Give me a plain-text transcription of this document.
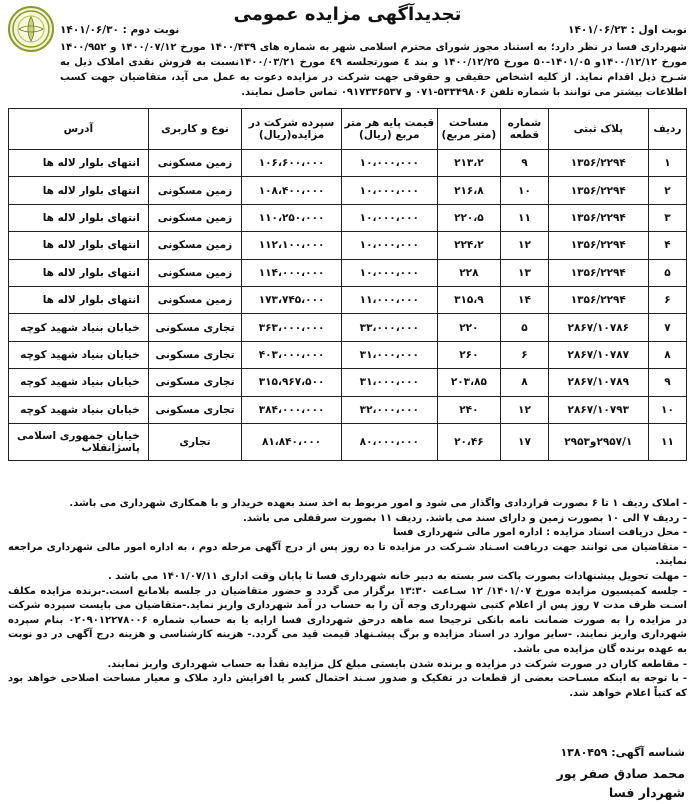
تجدیدآگهی مزایده عمومی
نوبت اول : ۱۴۰۱/۰۶/۲۳
نوبت دوم : ۱۴۰۱/۰۶/۳۰
شهرداری فسا در نظر دارد؛ به استناد مجوز شورای محترم اسلامی شهر به شماره های ۱۴۰۰/۴۳۹ مورخ ۱۴۰۰/۰۷/۱۲ و ۱۴۰۰/۹۵۲ مورخ ۱۴۰۰/۱۲/۱۲و ۱۴۰۱/۰۵-۵۰ مورخ ۱۴۰۰/۱۲/۲۵ و بند ٤ صورتجلسه ٤٩ مورخ ۱۴۰۰/۰۳/۲۱نسبت به فروش نقدی املاک ذیل به شـرح ذیل اقدام نماید. از کلیه اشخاص حقیقی و حقوقی جهت شرکت در مزایده دعوت به عمل می آید، متقاضیان جهت کسب اطلاعات بیشتر می توانند با شماره تلفن ۵۳۳۴۹۸۰۶-۰۷۱ و ۰۹۱۷۳۳۶۵۳۷ تماس حاصل نمایند.
ردیف	پلاک ثبتی	شماره قطعه	مساحت (متر مربع)	قیمت پایه هر متر مربع (ریال)	سپرده شرکت در مزایده(ریال)	نوع و کاربری	آدرس
۱	۱۳۵۶/۲۲۹۴	۹	۲۱۳،۲	۱۰،۰۰۰،۰۰۰	۱۰۶،۶۰۰،۰۰۰	زمین مسکونی	انتهای بلوار لاله ها
۲	۱۳۵۶/۲۲۹۴	۱۰	۲۱۶،۸	۱۰،۰۰۰،۰۰۰	۱۰۸،۴۰۰،۰۰۰	زمین مسکونی	انتهای بلوار لاله ها
۳	۱۳۵۶/۲۲۹۴	۱۱	۲۲۰،۵	۱۰،۰۰۰،۰۰۰	۱۱۰،۲۵۰،۰۰۰	زمین مسکونی	انتهای بلوار لاله ها
۴	۱۳۵۶/۲۲۹۴	۱۲	۲۲۴،۲	۱۰،۰۰۰،۰۰۰	۱۱۲،۱۰۰،۰۰۰	زمین مسکونی	انتهای بلوار لاله ها
۵	۱۳۵۶/۲۲۹۴	۱۳	۲۲۸	۱۰،۰۰۰،۰۰۰	۱۱۴،۰۰۰،۰۰۰	زمین مسکونی	انتهای بلوار لاله ها
۶	۱۳۵۶/۲۲۹۴	۱۴	۳۱۵،۹	۱۱،۰۰۰،۰۰۰	۱۷۳،۷۴۵،۰۰۰	زمین مسکونی	انتهای بلوار لاله ها
۷	۲۸۶۷/۱۰۷۸۶	۵	۲۲۰	۳۳،۰۰۰،۰۰۰	۳۶۳،۰۰۰،۰۰۰	تجاری مسکونی	خیابان بنیاد شهید کوچه
۸	۲۸۶۷/۱۰۷۸۷	۶	۲۶۰	۳۱،۰۰۰،۰۰۰	۴۰۳،۰۰۰،۰۰۰	تجاری مسکونی	خیابان بنیاد شهید کوچه
۹	۲۸۶۷/۱۰۷۸۹	۸	۲۰۳،۸۵	۳۱،۰۰۰،۰۰۰	۳۱۵،۹۶۷،۵۰۰	تجاری مسکونی	خیابان بنیاد شهید کوچه
۱۰	۲۸۶۷/۱۰۷۹۳	۱۲	۲۴۰	۳۲،۰۰۰،۰۰۰	۳۸۴،۰۰۰،۰۰۰	تجاری مسکونی	خیابان بنیاد شهید کوچه
۱۱	۲۹۵۷/۱و۲۹۵۳	۱۷	۲۰،۴۶	۸۰،۰۰۰،۰۰۰	۸۱،۸۴۰،۰۰۰	تجاری	خیابان جمهوری اسلامی پاسژانقلاب

- املاک ردیف ۱ تا ۶ بصورت قراردادی واگذار می شود و امور مربوط به اخذ سند بعهده خریدار و با همکاری شهرداری می باشد.

- ردیف ۷ الی ۱۰ بصورت زمین و دارای سند می باشد. ردیف ۱۱ بصورت سرقفلی می باشد.

- محل دریافت اسناد مزایده : اداره امور مالی شهرداری فسا

- متقاضیان می توانند جهت دریافت اسـناد شـرکت در مزایده تا ده روز پس از درج آگهی مرحله دوم ، به اداره امور مالی شهرداری مراجعه نمایند.

- مهلت تحویل پیشنهادات بصورت پاکت سر بسته به دبیر خانه شهرداری فسا تا پایان وقت اداری ۱۴۰۱/۰۷/۱۱ می باشد .

- جلسه کمیسیون مزایده مورخ ۱۴۰۱/۰۷/ ۱۲ سـاعت ۱۳:۳۰ برگزار می گردد و حضور متقاضیان در جلسه بلامانع است.-برنده مزایده مکلف اسـت ظرف مدت ۷ روز پس از اعلام کتبی شهرداری وجه آن را به حساب در آمد شهرداری واریز نماید.-متقاضیان می بایست سپرده شرکت در مزایده را به صورت ضمانت نامه بانکی ترجیحا سه ماهه درحق شهرداری فسا ارایه یا به حساب شماره ۰۲۰۹۰۱۲۲۷۸۰۰۶ بنام سپرده شهرداری واریز نمایند. -سایر موارد در اسناد مزایده و برگ پیشـنهاد قیمت قید می گردد.- هزینه کارشناسی و هزینه درج آگهی در دو نوبت به عهده برنده گان مزایده می باشد.

- مقاطعه کاران در صورت شرکت در مزایده و برنده شدن بایستی مبلغ کل مزایده نقدأ به حساب شهرداری واریز نمایند.

- با توجه به اینکه مسـاحت بعضی از قطعات در تفکیک و صدور سـند احتمال کسر یا افزایش دارد ملاک و معیار مساحت اصلاحی خواهد بود که کتباً اعلام خواهد شد.

شناسه آگهی: ۱۳۸۰۴۵۹
محمد صادق صفر پور
شهردار فسا
